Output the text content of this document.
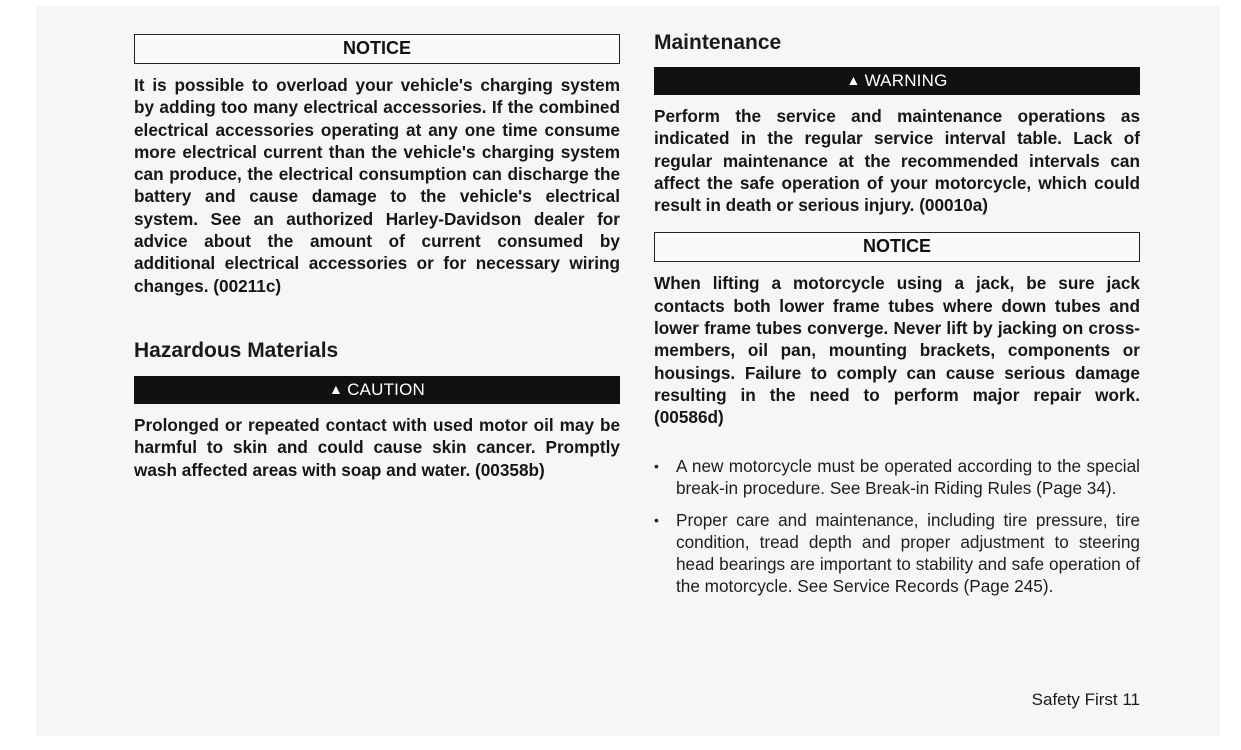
NOTICE

It is possible to overload your vehicle's charging system by adding too many electrical accessories. If the combined electrical accessories operating at any one time consume more electrical current than the vehicle's charging system can produce, the electrical consumption can discharge the battery and cause damage to the vehicle's electrical system. See an authorized Harley-Davidson dealer for advice about the amount of current consumed by additional electrical accessories or for necessary wiring changes. (00211c)

Hazardous Materials
▲ CAUTION

Prolonged or repeated contact with used motor oil may be harmful to skin and could cause skin cancer. Promptly wash affected areas with soap and water. (00358b)

Maintenance
▲ WARNING

Perform the service and maintenance operations as indicated in the regular service interval table. Lack of regular maintenance at the recommended intervals can affect the safe operation of your motorcycle, which could result in death or serious injury. (00010a)

NOTICE

When lifting a motorcycle using a jack, be sure jack contacts both lower frame tubes where down tubes and lower frame tubes converge. Never lift by jacking on cross-members, oil pan, mounting brackets, components or housings. Failure to comply can cause serious damage resulting in the need to perform major repair work. (00586d)

• A new motorcycle must be operated according to the special break-in procedure. See Break-in Riding Rules (Page 34).
• Proper care and maintenance, including tire pressure, tire condition, tread depth and proper adjustment to steering head bearings are important to stability and safe operation of the motorcycle. See Service Records (Page 245).
Safety First 11
